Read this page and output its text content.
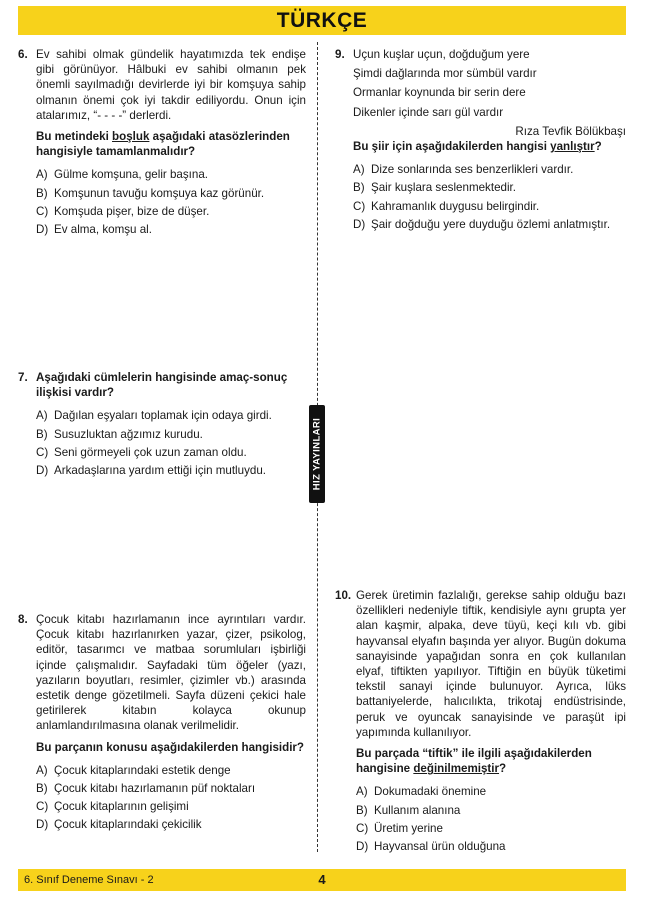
TÜRKÇE
HIZ YAYINLARI
6. Ev sahibi olmak gündelik hayatımızda tek endişe gibi görünüyor. Hâlbuki ev sahibi olmanın pek önemli sayılmadığı devirlerde iyi bir komşuya sahip olmanın önemi çok iyi takdir ediliyordu. Onun için atalarımız, “- - - -” derlerdi.

Bu metindeki boşluk aşağıdaki atasözlerinden hangisiyle tamamlanmalıdır?

A) Gülme komşuna, gelir başına.
B) Komşunun tavuğu komşuya kaz görünür.
C) Komşuda pişer, bize de düşer.
D) Ev alma, komşu al.
7. Aşağıdaki cümlelerin hangisinde amaç-sonuç ilişkisi vardır?

A) Dağılan eşyaları toplamak için odaya girdi.
B) Susuzluktan ağzımız kurudu.
C) Seni görmeyeli çok uzun zaman oldu.
D) Arkadaşlarına yardım ettiği için mutluydu.
8. Çocuk kitabı hazırlamanın ince ayrıntıları vardır. Çocuk kitabı hazırlanırken yazar, çizer, psikolog, editör, tasarımcı ve matbaa sorumluları işbirliği içinde çalışmalıdır. Sayfadaki tüm öğeler (yazı, yazıların boyutları, resimler, çizimler vb.) arasında estetik denge gözetilmeli. Sayfa düzeni çekici hale getirilerek kitabın kolayca okunup anlamlandırılmasına olanak verilmelidir.

Bu parçanın konusu aşağıdakilerden hangisidir?

A) Çocuk kitaplarındaki estetik denge
B) Çocuk kitabı hazırlamanın püf noktaları
C) Çocuk kitaplarının gelişimi
D) Çocuk kitaplarındaki çekicilik
9. Uçun kuşlar uçun, doğduğum yere

Şimdi dağlarında mor sümbül vardır

Ormanlar koynunda bir serin dere

Dikenler içinde sarı gül vardır

Rıza Tevfik Bölükbaşı

Bu şiir için aşağıdakilerden hangisi yanlıştır?

A) Dize sonlarında ses benzerlikleri vardır.
B) Şair kuşlara seslenmektedir.
C) Kahramanlık duygusu belirgindir.
D) Şair doğduğu yere duyduğu özlemi anlatmıştır.
10. Gerek üretimin fazlalığı, gerekse sahip olduğu bazı özellikleri nedeniyle tiftik, kendisiyle aynı grupta yer alan kaşmir, alpaka, deve tüyü, keçi kılı vb. gibi hayvansal elyafın başında yer alıyor. Bugün dokuma sanayisinde yapağıdan sonra en çok kullanılan elyaf, tiftikten yapılıyor. Tiftiğin en büyük tüketimi tekstil sanayi içinde bulunuyor. Ayrıca, lüks battaniyelerde, halıcılıkta, trikotaj endüstrisinde, peruk ve oyuncak sanayisinde ve paraşüt ipi yapımında kullanılıyor.

Bu parçada “tiftik” ile ilgili aşağıdakilerden hangisine değinilmemiştir?

A) Dokumadaki önemine
B) Kullanım alanına
C) Üretim yerine
D) Hayvansal ürün olduğuna
6. Sınıf Deneme Sınavı - 2	4
